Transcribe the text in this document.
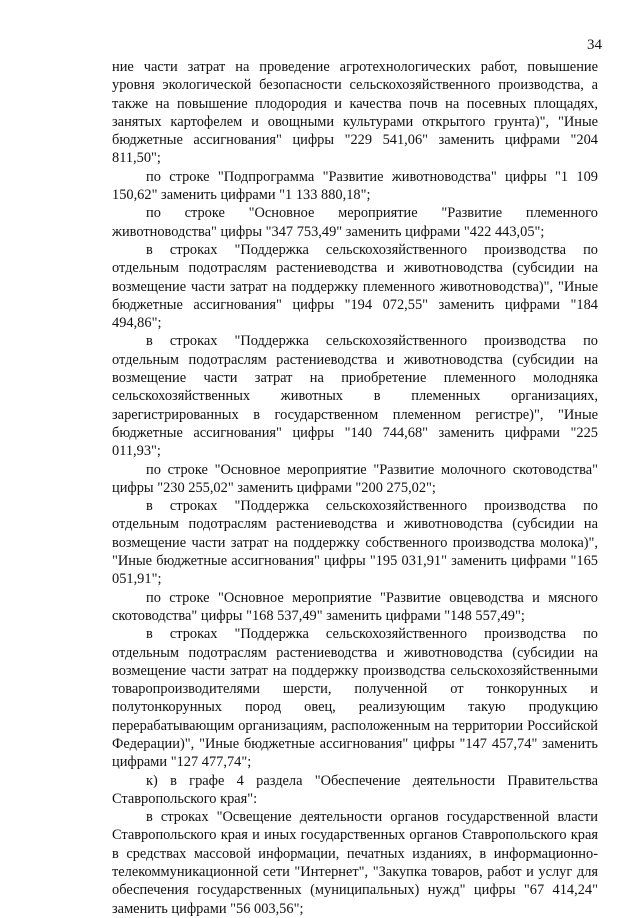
34

ние части затрат на проведение агротехнологических работ, повышение уровня экологической безопасности сельскохозяйственного производства, а также на повышение плодородия и качества почв на посевных площадях, занятых картофелем и овощными культурами открытого грунта)", "Иные бюджетные ассигнования" цифры "229 541,06" заменить цифрами "204 811,50";

по строке "Подпрограмма "Развитие животноводства" цифры "1 109 150,62" заменить цифрами "1 133 880,18";

по строке "Основное мероприятие "Развитие племенного животноводства" цифры "347 753,49" заменить цифрами "422 443,05";

в строках "Поддержка сельскохозяйственного производства по отдельным подотраслям растениеводства и животноводства (субсидии на возмещение части затрат на поддержку племенного животноводства)", "Иные бюджетные ассигнования" цифры "194 072,55" заменить цифрами "184 494,86";

в строках "Поддержка сельскохозяйственного производства по отдельным подотраслям растениеводства и животноводства (субсидии на возмещение части затрат на приобретение племенного молодняка сельскохозяйственных животных в племенных организациях, зарегистрированных в государственном племенном регистре)", "Иные бюджетные ассигнования" цифры "140 744,68" заменить цифрами "225 011,93";

по строке "Основное мероприятие "Развитие молочного скотоводства" цифры "230 255,02" заменить цифрами "200 275,02";

в строках "Поддержка сельскохозяйственного производства по отдельным подотраслям растениеводства и животноводства (субсидии на возмещение части затрат на поддержку собственного производства молока)", "Иные бюджетные ассигнования" цифры "195 031,91" заменить цифрами "165 051,91";

по строке "Основное мероприятие "Развитие овцеводства и мясного скотоводства" цифры "168 537,49" заменить цифрами "148 557,49";

в строках "Поддержка сельскохозяйственного производства по отдельным подотраслям растениеводства и животноводства (субсидии на возмещение части затрат на поддержку производства сельскохозяйственными товаропроизводителями шерсти, полученной от тонкорунных и полутонкорунных пород овец, реализующим такую продукцию перерабатывающим организациям, расположенным на территории Российской Федерации)", "Иные бюджетные ассигнования" цифры "147 457,74" заменить цифрами "127 477,74";

к) в графе 4 раздела "Обеспечение деятельности Правительства Ставропольского края":

в строках "Освещение деятельности органов государственной власти Ставропольского края и иных государственных органов Ставропольского края в средствах массовой информации, печатных изданиях, в информационно-телекоммуникационной сети "Интернет", "Закупка товаров, работ и услуг для обеспечения государственных (муниципальных) нужд" цифры "67 414,24" заменить цифрами "56 003,56";
